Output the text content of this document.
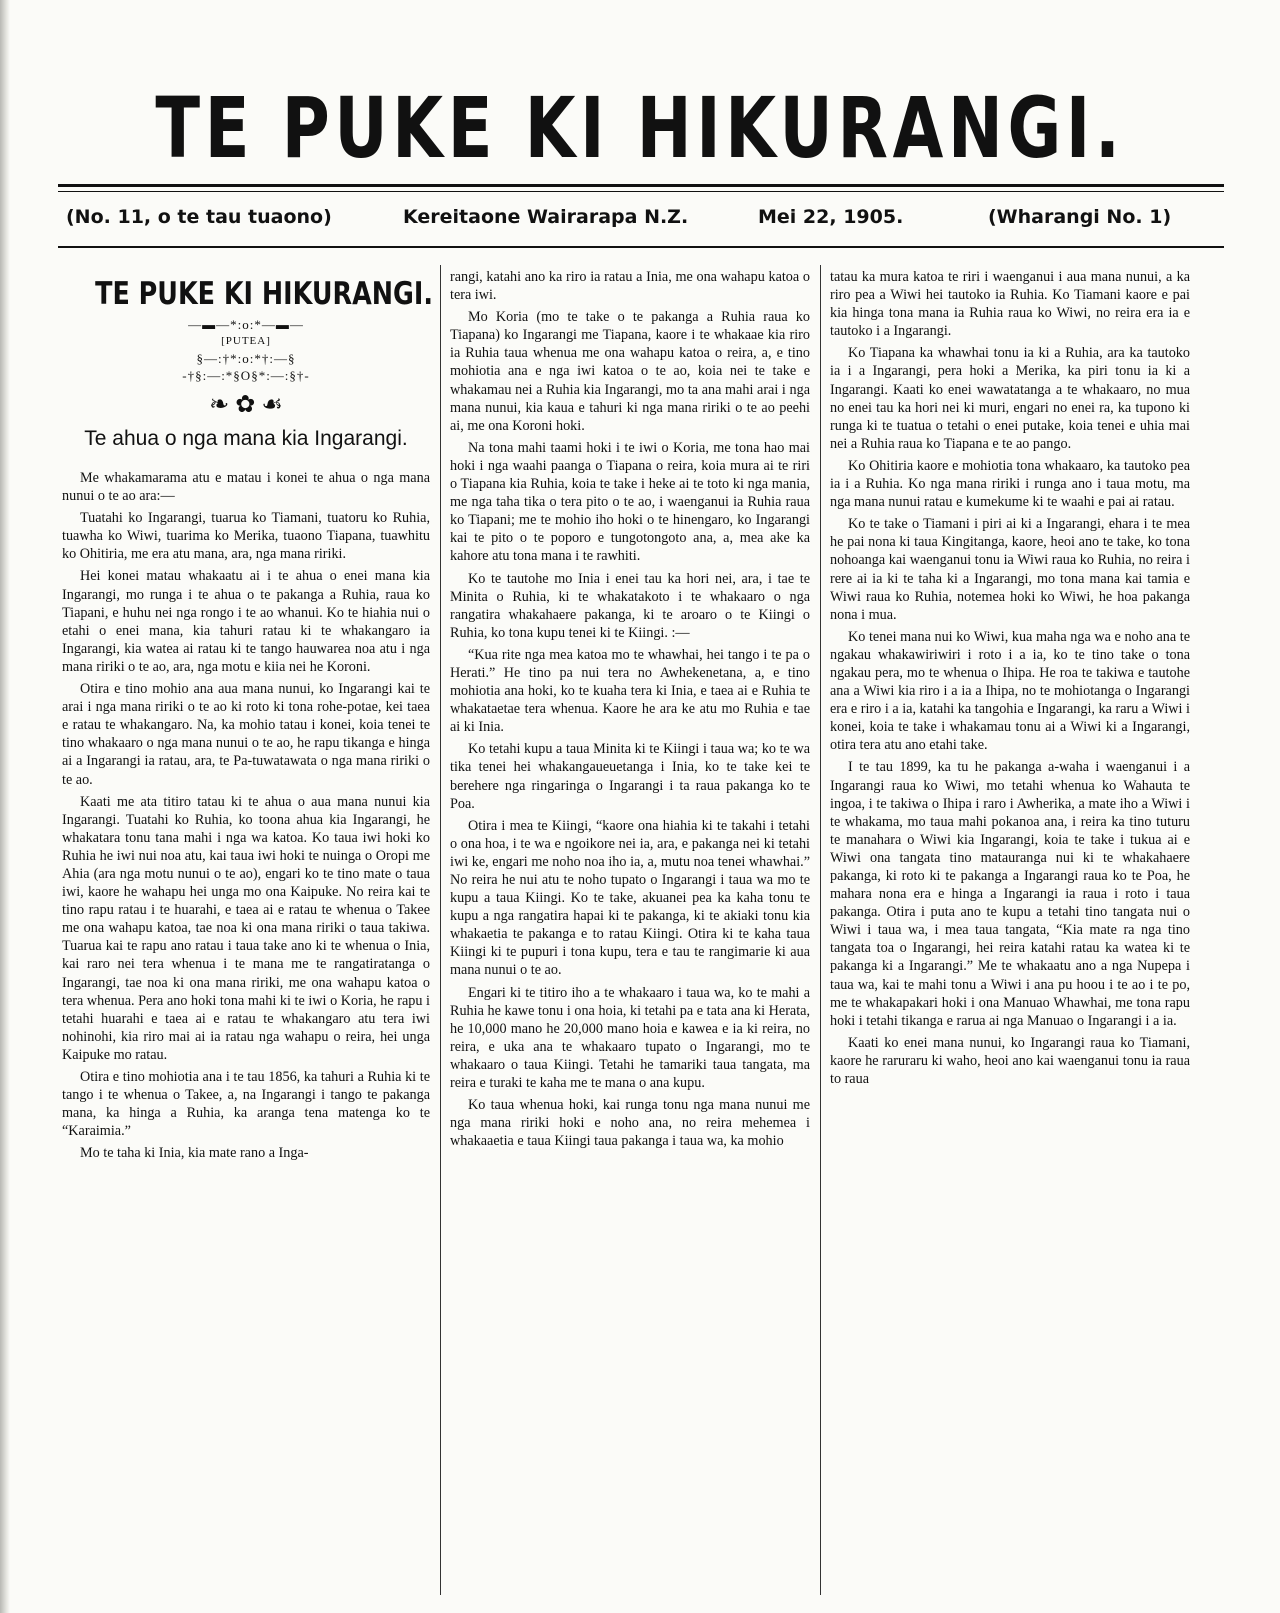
TE PUKE KI HIKURANGI.
(No. 11, o te tau tuaono)	Kereitaone Wairarapa N.Z.	Mei 22, 1905.	(Wharangi No. 1)
TE PUKE KI HIKURANGI.
—▬—*:o:*—▬—
[PUTEA]
§—:†*:o:*†:—§
-†§:—:*§O§*:—:§†-
❧ ✿ ☙
Te ahua o nga mana kia Ingarangi.

Me whakamarama atu e matau i konei te ahua o nga mana nunui o te ao ara:—

Tuatahi ko Ingarangi, tuarua ko Tiamani, tuatoru ko Ruhia, tuawha ko Wiwi, tuarima ko Merika, tuaono Tiapana, tuawhitu ko Ohitiria, me era atu mana, ara, nga mana ririki.

Hei konei matau whakaatu ai i te ahua o enei mana kia Ingarangi, mo runga i te ahua o te pakanga a Ruhia, raua ko Tiapani, e huhu nei nga rongo i te ao whanui. Ko te hiahia nui o etahi o enei mana, kia tahuri ratau ki te whakangaro ia Ingarangi, kia watea ai ratau ki te tango hauwarea noa atu i nga mana ririki o te ao, ara, nga motu e kiia nei he Koroni.

Otira e tino mohio ana aua mana nunui, ko Ingarangi kai te arai i nga mana ririki o te ao ki roto ki tona rohe-potae, kei taea e ratau te whakangaro. Na, ka mohio tatau i konei, koia tenei te tino whakaaro o nga mana nunui o te ao, he rapu tikanga e hinga ai a Ingarangi ia ratau, ara, te Pa-tuwatawata o nga mana ririki o te ao.

Kaati me ata titiro tatau ki te ahua o aua mana nunui kia Ingarangi. Tuatahi ko Ruhia, ko toona ahua kia Ingarangi, he whakatara tonu tana mahi i nga wa katoa. Ko taua iwi hoki ko Ruhia he iwi nui noa atu, kai taua iwi hoki te nuinga o Oropi me Ahia (ara nga motu nunui o te ao), engari ko te tino mate o taua iwi, kaore he wahapu hei unga mo ona Kaipuke. No reira kai te tino rapu ratau i te huarahi, e taea ai e ratau te whenua o Takee me ona wahapu katoa, tae noa ki ona mana ririki o taua takiwa. Tuarua kai te rapu ano ratau i taua take ano ki te whenua o Inia, kai raro nei tera whenua i te mana me te rangatiratanga o Ingarangi, tae noa ki ona mana ririki, me ona wahapu katoa o tera whenua. Pera ano hoki tona mahi ki te iwi o Koria, he rapu i tetahi huarahi e taea ai e ratau te whakangaro atu tera iwi nohinohi, kia riro mai ai ia ratau nga wahapu o reira, hei unga Kaipuke mo ratau.

Otira e tino mohiotia ana i te tau 1856, ka tahuri a Ruhia ki te tango i te whenua o Takee, a, na Ingarangi i tango te pakanga mana, ka hinga a Ruhia, ka aranga tena matenga ko te “Karaimia.”

Mo te taha ki Inia, kia mate rano a Inga-

rangi, katahi ano ka riro ia ratau a Inia, me ona wahapu katoa o tera iwi.

Mo Koria (mo te take o te pakanga a Ruhia raua ko Tiapana) ko Ingarangi me Tiapana, kaore i te whakaae kia riro ia Ruhia taua whenua me ona wahapu katoa o reira, a, e tino mohiotia ana e nga iwi katoa o te ao, koia nei te take e whakamau nei a Ruhia kia Ingarangi, mo ta ana mahi arai i nga mana nunui, kia kaua e tahuri ki nga mana ririki o te ao peehi ai, me ona Koroni hoki.

Na tona mahi taami hoki i te iwi o Koria, me tona hao mai hoki i nga waahi paanga o Tiapana o reira, koia mura ai te riri o Tiapana kia Ruhia, koia te take i heke ai te toto ki nga mania, me nga taha tika o tera pito o te ao, i waenganui ia Ruhia raua ko Tiapani; me te mohio iho hoki o te hinengaro, ko Ingarangi kai te pito o te poporo e tungotongoto ana, a, mea ake ka kahore atu tona mana i te rawhiti.

Ko te tautohe mo Inia i enei tau ka hori nei, ara, i tae te Minita o Ruhia, ki te whakatakoto i te whakaaro o nga rangatira whakahaere pakanga, ki te aroaro o te Kiingi o Ruhia, ko tona kupu tenei ki te Kiingi. :—

“Kua rite nga mea katoa mo te whawhai, hei tango i te pa o Herati.” He tino pa nui tera no Awhekenetana, a, e tino mohiotia ana hoki, ko te kuaha tera ki Inia, e taea ai e Ruhia te whakataetae tera whenua. Kaore he ara ke atu mo Ruhia e tae ai ki Inia.

Ko tetahi kupu a taua Minita ki te Kiingi i taua wa; ko te wa tika tenei hei whakangaueuetanga i Inia, ko te take kei te berehere nga ringaringa o Ingarangi i ta raua pakanga ko te Poa.

Otira i mea te Kiingi, “kaore ona hiahia ki te takahi i tetahi o ona hoa, i te wa e ngoikore nei ia, ara, e pakanga nei ki tetahi iwi ke, engari me noho noa iho ia, a, mutu noa tenei whawhai.” No reira he nui atu te noho tupato o Ingarangi i taua wa mo te kupu a taua Kiingi. Ko te take, akuanei pea ka kaha tonu te kupu a nga rangatira hapai ki te pakanga, ki te akiaki tonu kia whakaetia te pakanga e to ratau Kiingi. Otira ki te kaha taua Kiingi ki te pupuri i tona kupu, tera e tau te rangimarie ki aua mana nunui o te ao.

Engari ki te titiro iho a te whakaaro i taua wa, ko te mahi a Ruhia he kawe tonu i ona hoia, ki tetahi pa e tata ana ki Herata, he 10,000 mano he 20,000 mano hoia e kawea e ia ki reira, no reira, e uka ana te whakaaro tupato o Ingarangi, mo te whakaaro o taua Kiingi. Tetahi he tamariki taua tangata, ma reira e turaki te kaha me te mana o ana kupu.

Ko taua whenua hoki, kai runga tonu nga mana nunui me nga mana ririki hoki e noho ana, no reira mehemea i whakaaetia e taua Kiingi taua pakanga i taua wa, ka mohio

tatau ka mura katoa te riri i waenganui i aua mana nunui, a ka riro pea a Wiwi hei tautoko ia Ruhia. Ko Tiamani kaore e pai kia hinga tona mana ia Ruhia raua ko Wiwi, no reira era ia e tautoko i a Ingarangi.

Ko Tiapana ka whawhai tonu ia ki a Ruhia, ara ka tautoko ia i a Ingarangi, pera hoki a Merika, ka piri tonu ia ki a Ingarangi. Kaati ko enei wawatatanga a te whakaaro, no mua no enei tau ka hori nei ki muri, engari no enei ra, ka tupono ki runga ki te tuatua o tetahi o enei putake, koia tenei e uhia mai nei a Ruhia raua ko Tiapana e te ao pango.

Ko Ohitiria kaore e mohiotia tona whakaaro, ka tautoko pea ia i a Ruhia. Ko nga mana ririki i runga ano i taua motu, ma nga mana nunui ratau e kumekume ki te waahi e pai ai ratau.

Ko te take o Tiamani i piri ai ki a Ingarangi, ehara i te mea he pai nona ki taua Kingitanga, kaore, heoi ano te take, ko tona nohoanga kai waenganui tonu ia Wiwi raua ko Ruhia, no reira i rere ai ia ki te taha ki a Ingarangi, mo tona mana kai tamia e Wiwi raua ko Ruhia, notemea hoki ko Wiwi, he hoa pakanga nona i mua.

Ko tenei mana nui ko Wiwi, kua maha nga wa e noho ana te ngakau whakawiriwiri i roto i a ia, ko te tino take o tona ngakau pera, mo te whenua o Ihipa. He roa te takiwa e tautohe ana a Wiwi kia riro i a ia a Ihipa, no te mohiotanga o Ingarangi era e riro i a ia, katahi ka tangohia e Ingarangi, ka raru a Wiwi i konei, koia te take i whakamau tonu ai a Wiwi ki a Ingarangi, otira tera atu ano etahi take.

I te tau 1899, ka tu he pakanga a-waha i waenganui i a Ingarangi raua ko Wiwi, mo tetahi whenua ko Wahauta te ingoa, i te takiwa o Ihipa i raro i Awherika, a mate iho a Wiwi i te whakama, mo taua mahi pokanoa ana, i reira ka tino tuturu te manahara o Wiwi kia Ingarangi, koia te take i tukua ai e Wiwi ona tangata tino matauranga nui ki te whakahaere pakanga, ki roto ki te pakanga a Ingarangi raua ko te Poa, he mahara nona era e hinga a Ingarangi ia raua i roto i taua pakanga. Otira i puta ano te kupu a tetahi tino tangata nui o Wiwi i taua wa, i mea taua tangata, “Kia mate ra nga tino tangata toa o Ingarangi, hei reira katahi ratau ka watea ki te pakanga ki a Ingarangi.” Me te whakaatu ano a nga Nupepa i taua wa, kai te mahi tonu a Wiwi i ana pu hoou i te ao i te po, me te whakapakari hoki i ona Manuao Whawhai, me tona rapu hoki i tetahi tikanga e rarua ai nga Manuao o Ingarangi i a ia.

Kaati ko enei mana nunui, ko Ingarangi raua ko Tiamani, kaore he raruraru ki waho, heoi ano kai waenganui tonu ia raua to raua
